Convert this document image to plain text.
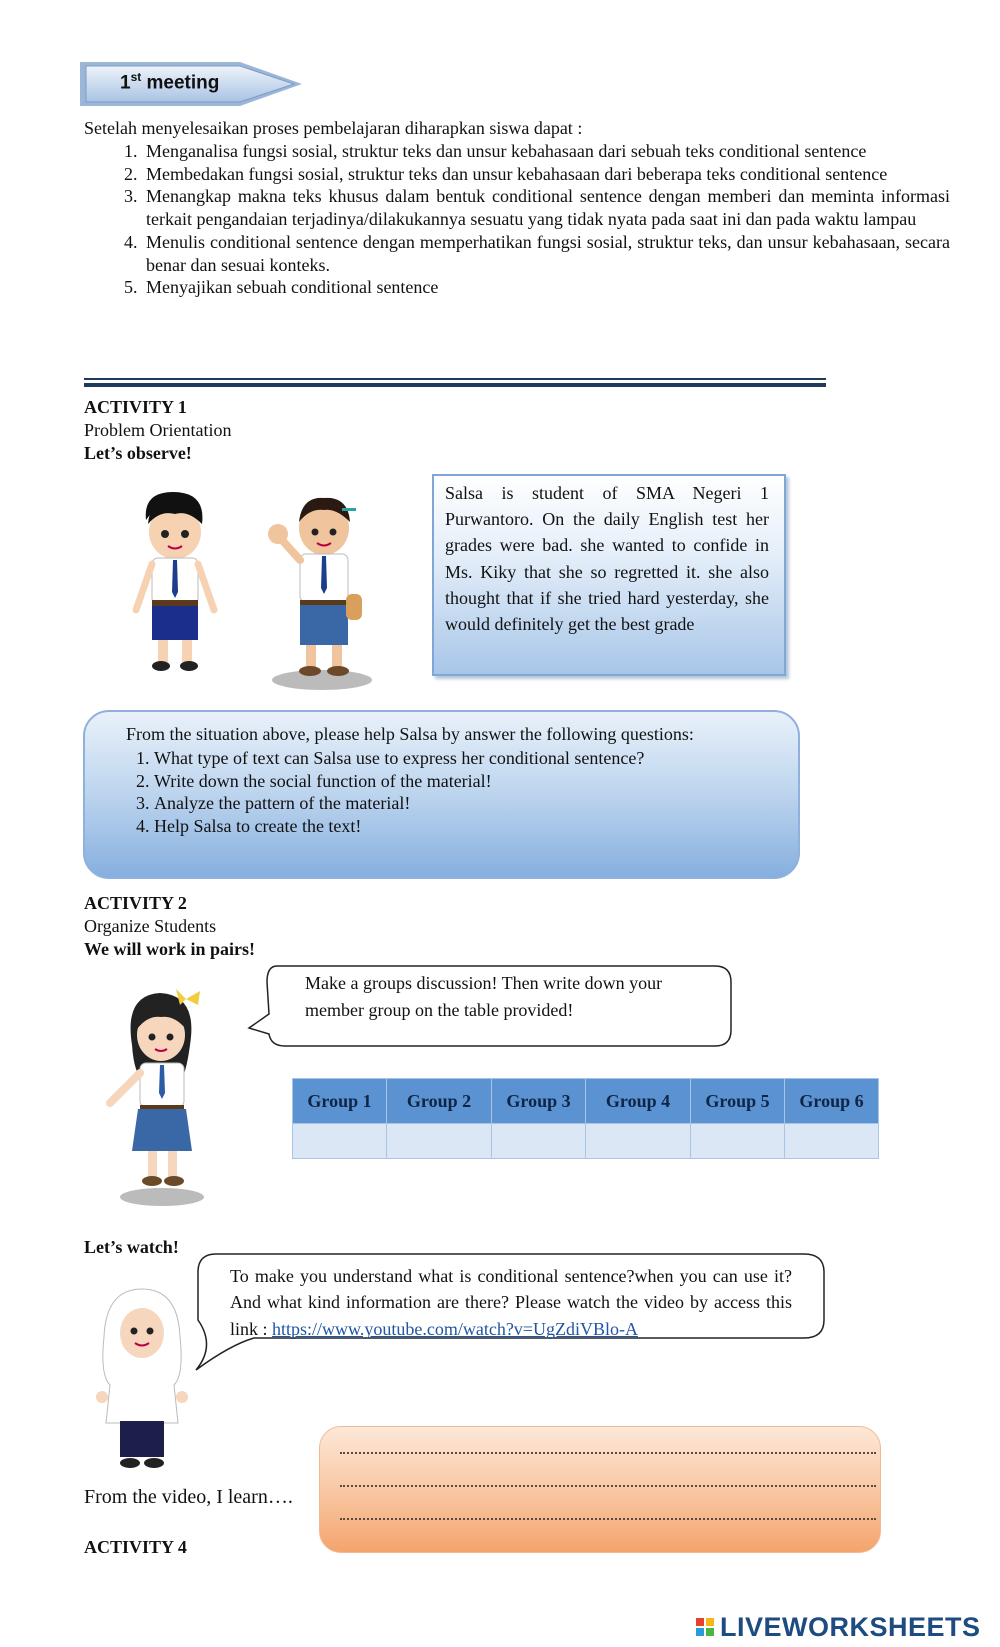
1st meeting
Setelah menyelesaikan proses pembelajaran diharapkan siswa dapat :
1. Menganalisa fungsi sosial, struktur teks dan unsur kebahasaan dari sebuah teks conditional sentence
2. Membedakan fungsi sosial, struktur teks dan unsur kebahasaan dari beberapa teks conditional sentence
3. Menangkap makna teks khusus dalam bentuk conditional sentence dengan memberi dan meminta informasi terkait pengandaian terjadinya/dilakukannya sesuatu yang tidak nyata pada saat ini dan pada waktu lampau
4. Menulis conditional sentence dengan memperhatikan fungsi sosial, struktur teks, dan unsur kebahasaan, secara benar dan sesuai konteks.
5. Menyajikan sebuah conditional sentence
ACTIVITY 1
Problem Orientation
Let’s observe!
Salsa is student of SMA Negeri 1 Purwantoro. On the daily English test her grades were bad. she wanted to confide in Ms. Kiky that she so regretted it. she also thought that if she tried hard yesterday, she would definitely get the best grade
From the situation above, please help Salsa by answer the following questions:
1. What type of text can Salsa use to express her conditional sentence?
2. Write down the social function of the material!
3. Analyze the pattern of the material!
4. Help Salsa to create the text!
ACTIVITY 2
Organize Students
We will work in pairs!
Make a groups discussion! Then write down your member group on the table provided!
Group 1	Group 2	Group 3	Group 4	Group 5	Group 6

Let’s watch!
To make you understand what is conditional sentence?when you can use it? And what kind information are there? Please watch the video by access this link : https://www.youtube.com/watch?v=UgZdiVBlo-A
From the video, I learn….
ACTIVITY 4
LIVEWORKSHEETS
